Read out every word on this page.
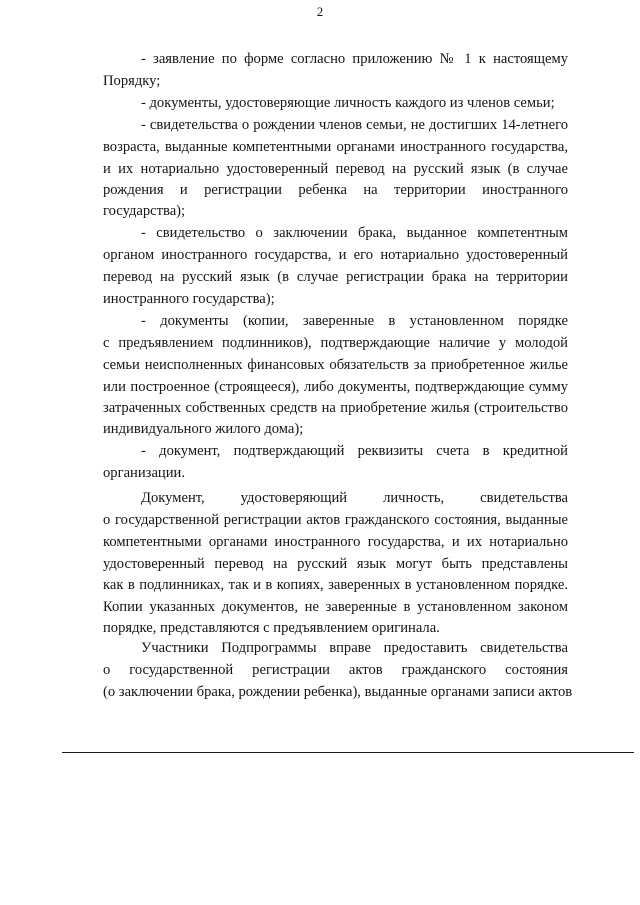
2
- заявление по форме согласно приложению № 1 к настоящему
Порядку;
- документы, удостоверяющие личность каждого из членов семьи;
- свидетельства о рождении членов семьи, не достигших 14-летнего
возраста, выданные компетентными органами иностранного государства,
и их нотариально удостоверенный перевод на русский язык (в случае
рождения и регистрации ребенка на территории иностранного
государства);
- свидетельство о заключении брака, выданное компетентным
органом иностранного государства, и его нотариально удостоверенный
перевод на русский язык (в случае регистрации брака на территории
иностранного государства);
- документы (копии, заверенные в установленном порядке
с предъявлением подлинников), подтверждающие наличие у молодой
семьи неисполненных финансовых обязательств за приобретенное жилье
или построенное (строящееся), либо документы, подтверждающие сумму
затраченных собственных средств на приобретение жилья (строительство
индивидуального жилого дома);
- документ, подтверждающий реквизиты счета в кредитной
организации.
Документ, удостоверяющий личность, свидетельства
о государственной регистрации актов гражданского состояния, выданные
компетентными органами иностранного государства, и их нотариально
удостоверенный перевод на русский язык могут быть представлены
как в подлинниках, так и в копиях, заверенных в установленном порядке.
Копии указанных документов, не заверенные в установленном законом
порядке, представляются с предъявлением оригинала.
Участники Подпрограммы вправе предоставить свидетельства
о государственной регистрации актов гражданского состояния
(о заключении брака, рождении ребенка), выданные органами записи актов
